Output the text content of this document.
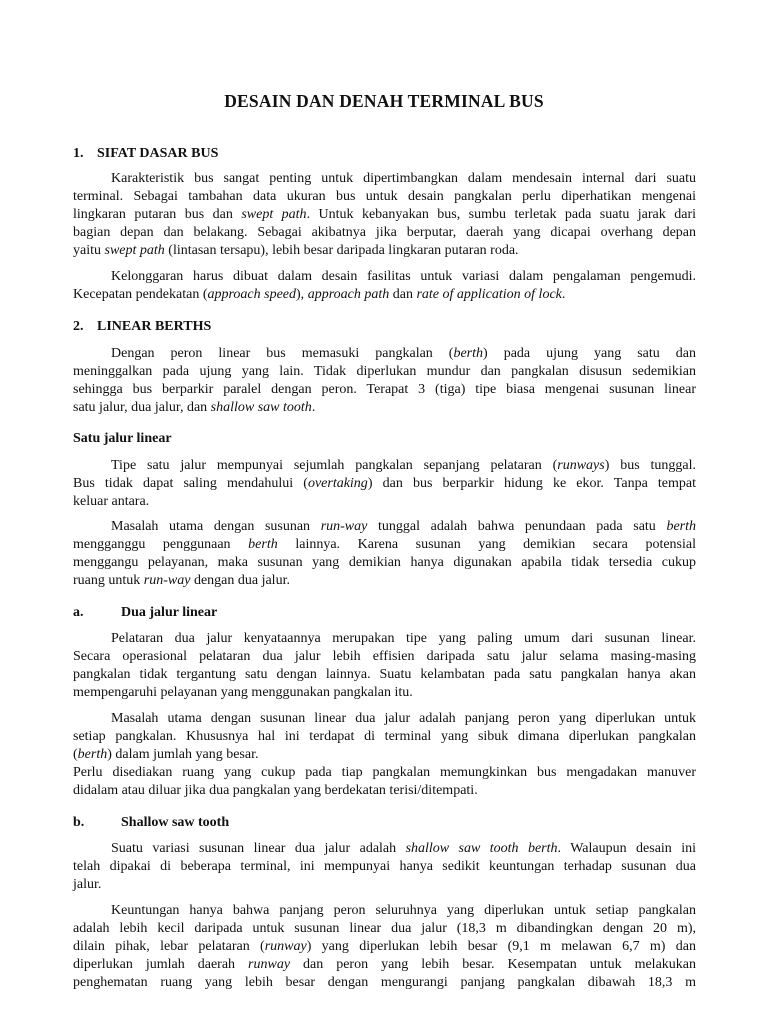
DESAIN DAN DENAH TERMINAL BUS
1. SIFAT DASAR BUS
Karakteristik bus sangat penting untuk dipertimbangkan dalam mendesain internal dari suatu
terminal. Sebagai tambahan data ukuran bus untuk desain pangkalan perlu diperhatikan mengenai
lingkaran putaran bus dan swept path. Untuk kebanyakan bus, sumbu terletak pada suatu jarak dari
bagian depan dan belakang. Sebagai akibatnya jika berputar, daerah yang dicapai overhang depan
yaitu swept path (lintasan tersapu), lebih besar daripada lingkaran putaran roda.
Kelonggaran harus dibuat dalam desain fasilitas untuk variasi dalam pengalaman pengemudi.
Kecepatan pendekatan (approach speed), approach path dan rate of application of lock.
2. LINEAR BERTHS
Dengan peron linear bus memasuki pangkalan (berth) pada ujung yang satu dan
meninggalkan pada ujung yang lain. Tidak diperlukan mundur dan pangkalan disusun sedemikian
sehingga bus berparkir paralel dengan peron. Terapat 3 (tiga) tipe biasa mengenai susunan linear
satu jalur, dua jalur, dan shallow saw tooth.
Satu jalur linear
Tipe satu jalur mempunyai sejumlah pangkalan sepanjang pelataran (runways) bus tunggal.
Bus tidak dapat saling mendahului (overtaking) dan bus berparkir hidung ke ekor. Tanpa tempat
keluar antara.
Masalah utama dengan susunan run-way tunggal adalah bahwa penundaan pada satu berth
mengganggu penggunaan berth lainnya. Karena susunan yang demikian secara potensial
menggangu pelayanan, maka susunan yang demikian hanya digunakan apabila tidak tersedia cukup
ruang untuk run-way dengan dua jalur.
a.	Dua jalur linear
Pelataran dua jalur kenyataannya merupakan tipe yang paling umum dari susunan linear.
Secara operasional pelataran dua jalur lebih effisien daripada satu jalur selama masing-masing
pangkalan tidak tergantung satu dengan lainnya. Suatu kelambatan pada satu pangkalan hanya akan
mempengaruhi pelayanan yang menggunakan pangkalan itu.
Masalah utama dengan susunan linear dua jalur adalah panjang peron yang diperlukan untuk
setiap pangkalan. Khususnya hal ini terdapat di terminal yang sibuk dimana diperlukan pangkalan
(berth) dalam jumlah yang besar.
Perlu disediakan ruang yang cukup pada tiap pangkalan memungkinkan bus mengadakan manuver
didalam atau diluar jika dua pangkalan yang berdekatan terisi/ditempati.
b.	Shallow saw tooth
Suatu variasi susunan linear dua jalur adalah shallow saw tooth berth. Walaupun desain ini
telah dipakai di beberapa terminal, ini mempunyai hanya sedikit keuntungan terhadap susunan dua
jalur.
Keuntungan hanya bahwa panjang peron seluruhnya yang diperlukan untuk setiap pangkalan
adalah lebih kecil daripada untuk susunan linear dua jalur (18,3 m dibandingkan dengan 20 m),
dilain pihak, lebar pelataran (runway) yang diperlukan lebih besar (9,1 m melawan 6,7 m) dan
diperlukan jumlah daerah runway dan peron yang lebih besar. Kesempatan untuk melakukan
penghematan ruang yang lebih besar dengan mengurangi panjang pangkalan dibawah 18,3 m
